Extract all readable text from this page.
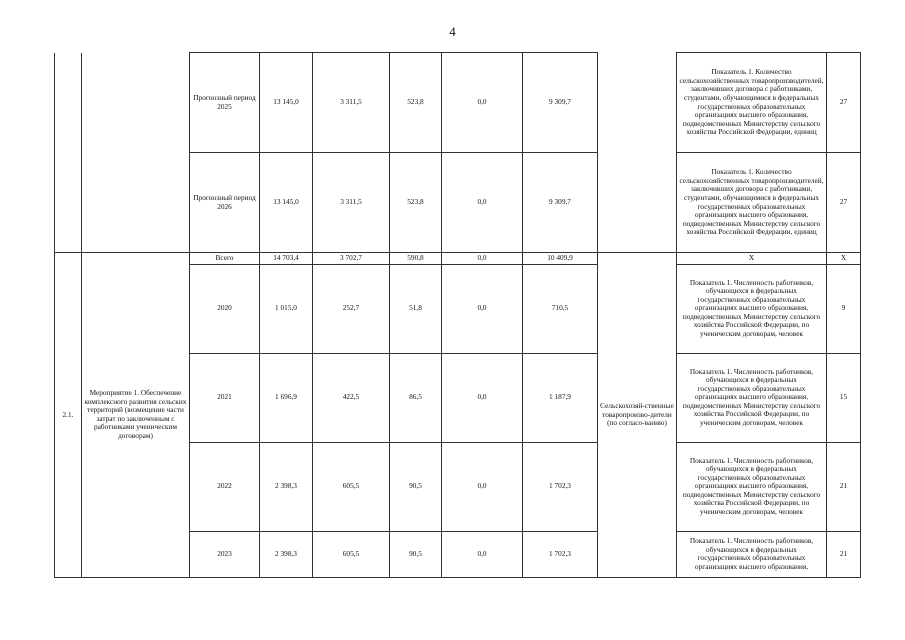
4
		Прогнозный период 2025	13 145,0	3 311,5	523,8	0,0	9 309,7		Показатель 1. Количество сельскохозяйственных товаропроизводителей, заключивших договора с работниками, студентами, обучающимися в федеральных государственных образовательных организациях высшего образования, подведомственных Министерству сельского хозяйства Российской Федерации, единиц	27
		Прогнозный период 2026	13 145,0	3 311,5	523,8	0,0	9 309,7		Показатель 1. Количество сельскохозяйственных товаропроизводителей, заключивших договора с работниками, студентами, обучающимися в федеральных государственных образовательных организациях высшего образования, подведомственных Министерству сельского хозяйства Российской Федерации, единиц	27
2.1.	Мероприятие 1. Обеспечение комплексного развития сельских территорий (возмещение части затрат по заключенным с работниками ученическим договорам)	Всего	14 703,4	3 702,7	590,8	0,0	10 409,9	Сельскохозяй-ственные товаропроизво-дители (по согласо-ванию)	Х	Х
		2020	1 015,0	252,7	51,8	0,0	710,5		Показатель 1. Численность работников, обучающихся в федеральных государственных образовательных организациях высшего образования, подведомственных Министерству сельского хозяйства Российской Федерации, по ученическим договорам, человек	9
		2021	1 696,9	422,5	86,5	0,0	1 187,9		Показатель 1. Численность работников, обучающихся в федеральных государственных образовательных организациях высшего образования, подведомственных Министерству сельского хозяйства Российской Федерации, по ученическим договорам, человек	15
		2022	2 398,3	605,5	90,5	0,0	1 702,3		Показатель 1. Численность работников, обучающихся в федеральных государственных образовательных организациях высшего образования, подведомственных Министерству сельского хозяйства Российской Федерации, по ученическим договорам, человек	21
		2023	2 398,3	605,5	90,5	0,0	1 702,3		Показатель 1. Численность работников, обучающихся в федеральных государственных образовательных организациях высшего образования,	21
